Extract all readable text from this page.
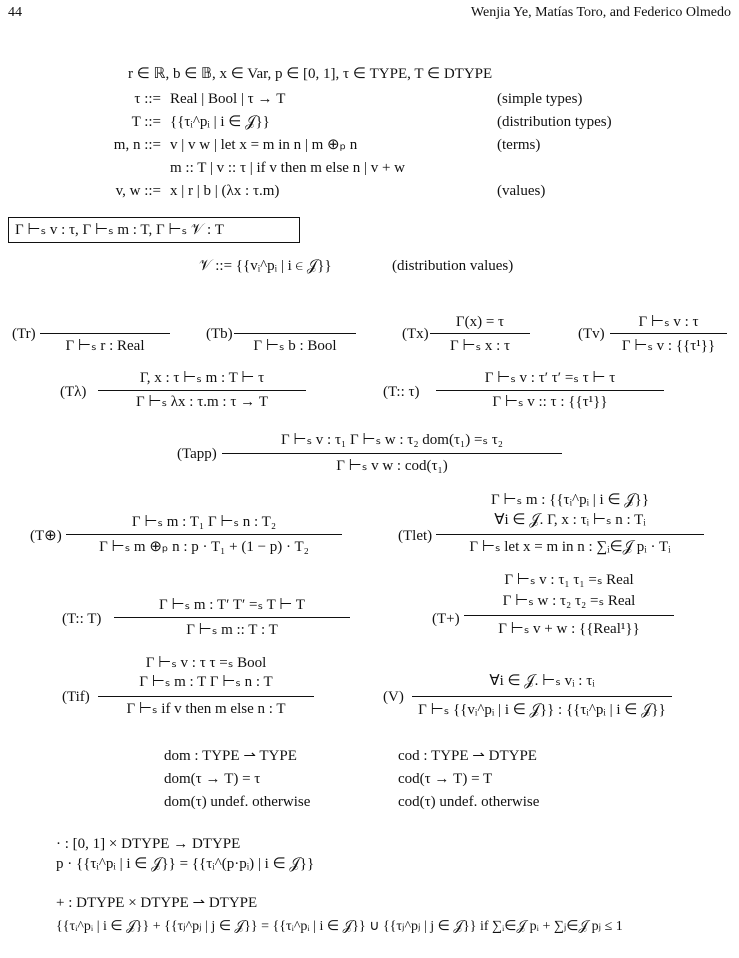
44	Wenjia Ye, Matías Toro, and Federico Olmedo
r ∈ ℝ, b ∈ 𝔹, x ∈ Var, p ∈ [0, 1], τ ∈ TYPE, T ∈ DTYPE
τ ::= Real | Bool | τ → T	(simple types)
T ::= {{τᵢ^pᵢ | i ∈ 𝒥}}	(distribution types)
m, n ::= v | v w | let x = m in n | m ⊕ₚ n	(terms)
m :: T | v :: τ | if v then m else n | v + w
v, w ::= x | r | b | (λx : τ.m)	(values)
Γ ⊢ₛ v : τ, Γ ⊢ₛ m : T, Γ ⊢ₛ 𝒱 : T
𝒱 ::= {{vᵢ^pᵢ | i ∈ 𝒥}}	(distribution values)
(Tr)
Γ ⊢ₛ r : Real
(Tb)
Γ ⊢ₛ b : Bool
(Tx)
Γ(x) = τ
Γ ⊢ₛ x : τ
(Tv)
Γ ⊢ₛ v : τ
Γ ⊢ₛ v : {{τ¹}}
(Tλ)
Γ, x : τ ⊢ₛ m : T ⊢ τ
Γ ⊢ₛ λx : τ.m : τ → T
(T:: τ)
Γ ⊢ₛ v : τ′ τ′ =ₛ τ ⊢ τ
Γ ⊢ₛ v :: τ : {{τ¹}}
(Tapp)
Γ ⊢ₛ v : τ₁ Γ ⊢ₛ w : τ₂ dom(τ₁) =ₛ τ₂
Γ ⊢ₛ v w : cod(τ₁)
(T⊕)
Γ ⊢ₛ m : T₁ Γ ⊢ₛ n : T₂
Γ ⊢ₛ m ⊕ₚ n : p · T₁ + (1 − p) · T₂
(Tlet)
Γ ⊢ₛ m : {{τᵢ^pᵢ | i ∈ 𝒥}}
∀i ∈ 𝒥. Γ, x : τᵢ ⊢ₛ n : Tᵢ
Γ ⊢ₛ let x = m in n : ∑ᵢ∈𝒥 pᵢ · Tᵢ
(T:: T)
Γ ⊢ₛ m : T′ T′ =ₛ T ⊢ T
Γ ⊢ₛ m :: T : T
(T+)
Γ ⊢ₛ v : τ₁ τ₁ =ₛ Real
Γ ⊢ₛ w : τ₂ τ₂ =ₛ Real
Γ ⊢ₛ v + w : {{Real¹}}
(Tif)
Γ ⊢ₛ v : τ τ =ₛ Bool
Γ ⊢ₛ m : T Γ ⊢ₛ n : T
Γ ⊢ₛ if v then m else n : T
(V)
∀i ∈ 𝒥. ⊢ₛ vᵢ : τᵢ
Γ ⊢ₛ {{vᵢ^pᵢ | i ∈ 𝒥}} : {{τᵢ^pᵢ | i ∈ 𝒥}}
dom : TYPE ⇀ TYPE
dom(τ → T) = τ
dom(τ) undef. otherwise
cod : TYPE ⇀ DTYPE
cod(τ → T) = T
cod(τ) undef. otherwise
· : [0, 1] × DTYPE → DTYPE
p · {{τᵢ^pᵢ | i ∈ 𝒥}} = {{τᵢ^(p·pᵢ) | i ∈ 𝒥}}
+ : DTYPE × DTYPE ⇀ DTYPE
{{τᵢ^pᵢ | i ∈ 𝒥}} + {{τⱼ^pⱼ | j ∈ 𝒥}} = {{τᵢ^pᵢ | i ∈ 𝒥}} ∪ {{τⱼ^pⱼ | j ∈ 𝒥}} if ∑ᵢ∈𝒥 pᵢ + ∑ⱼ∈𝒥 pⱼ ≤ 1
